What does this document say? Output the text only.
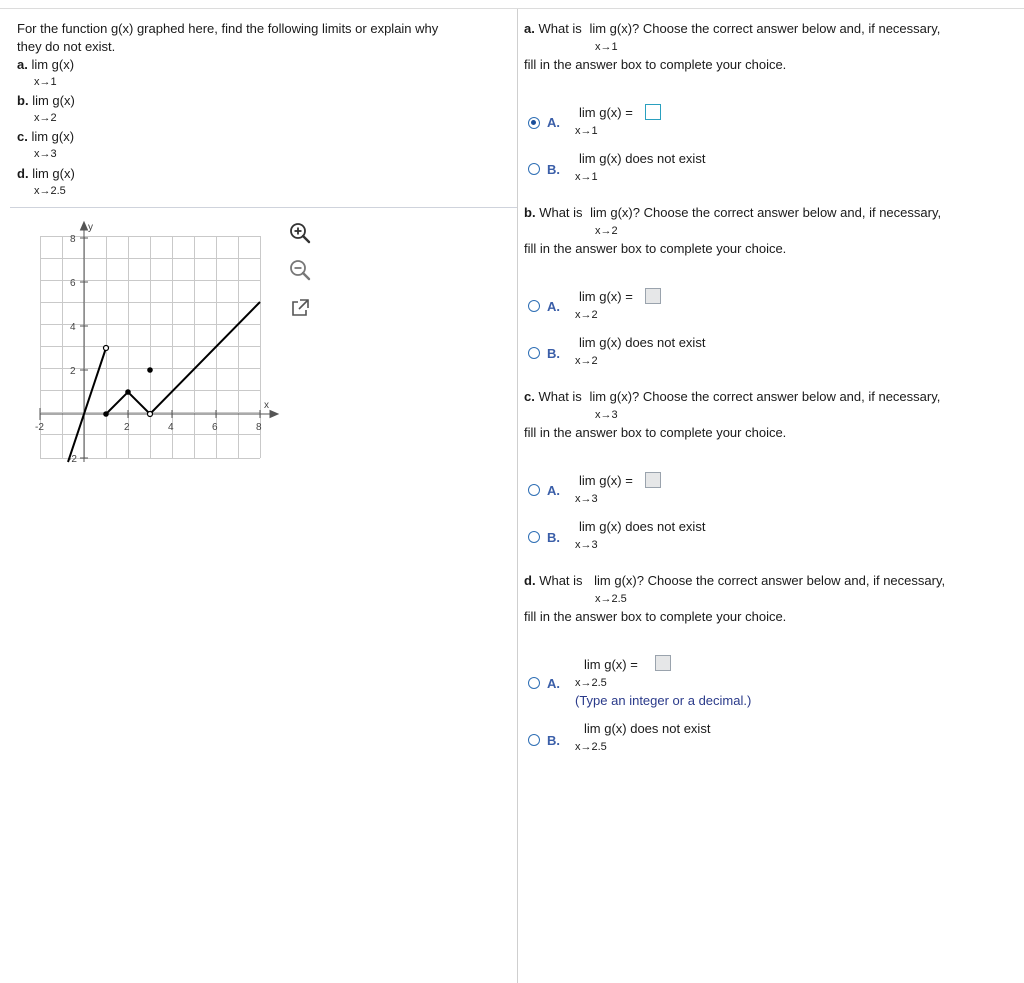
For the function g(x) graphed here, find the following limits or explain why
they do not exist.
a. lim g(x)
x→1
b. lim g(x)
x→2
c. lim g(x)
x→3
d. lim g(x)
x→2.5
y
x
-2	2	4	6	8
8
6
4
2
-2
a. What is lim g(x)? Choose the correct answer below and, if necessary,
x→1
fill in the answer box to complete your choice.
A.
lim g(x) =
x→1
B.
lim g(x) does not exist
x→1
b. What is lim g(x)? Choose the correct answer below and, if necessary,
x→2
fill in the answer box to complete your choice.
A.
lim g(x) =
x→2
B.
lim g(x) does not exist
x→2
c. What is lim g(x)? Choose the correct answer below and, if necessary,
x→3
fill in the answer box to complete your choice.
A.
lim g(x) =
x→3
B.
lim g(x) does not exist
x→3
d. What is lim g(x)? Choose the correct answer below and, if necessary,
x→2.5
fill in the answer box to complete your choice.
A.
lim g(x) =
x→2.5
(Type an integer or a decimal.)
B.
lim g(x) does not exist
x→2.5
